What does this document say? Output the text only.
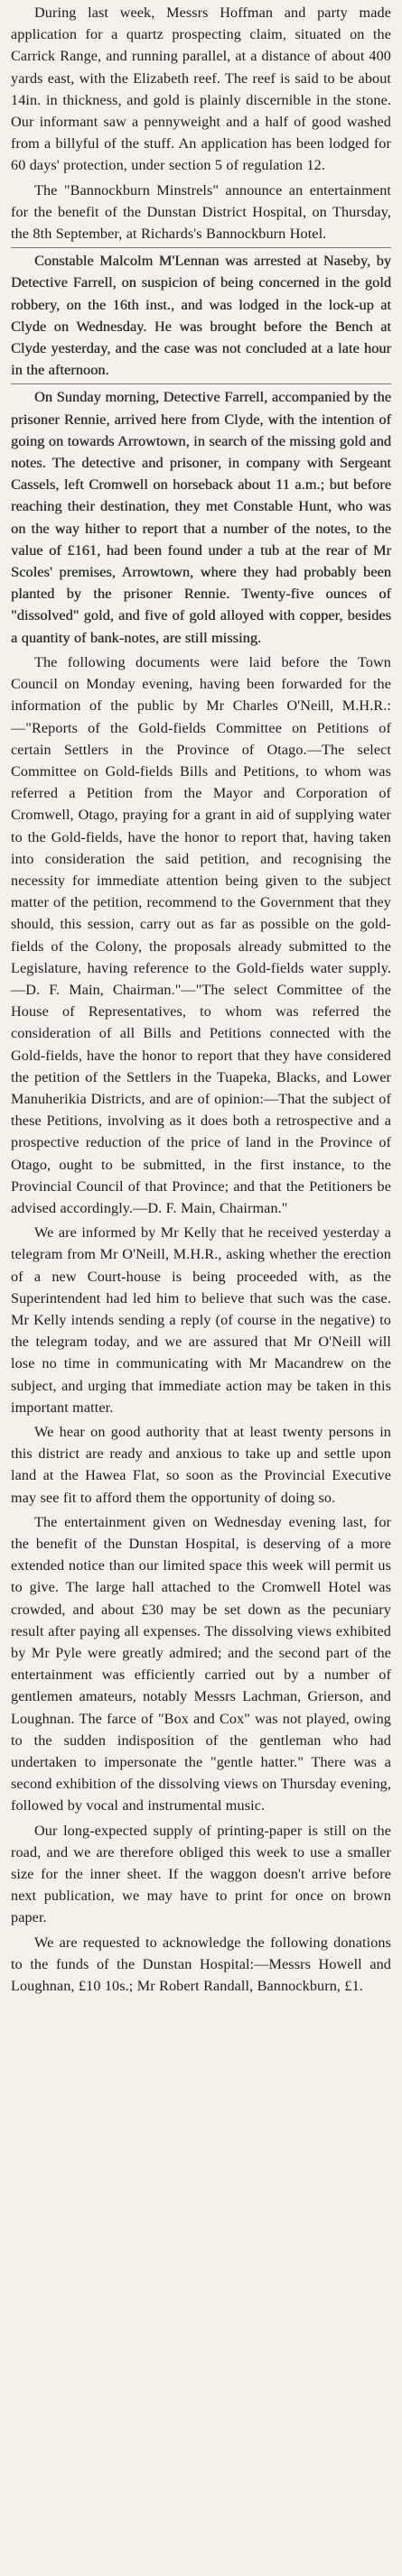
During last week, Messrs Hoffman and party made application for a quartz prospecting claim, situated on the Carrick Range, and running parallel, at a distance of about 400 yards east, with the Elizabeth reef. The reef is said to be about 14in. in thickness, and gold is plainly discernible in the stone. Our informant saw a pennyweight and a half of good washed from a billyful of the stuff. An application has been lodged for 60 days' protection, under section 5 of regulation 12.

The "Bannockburn Minstrels" announce an entertainment for the benefit of the Dunstan District Hospital, on Thursday, the 8th September, at Richards's Bannockburn Hotel.

Constable Malcolm M'Lennan was arrested at Naseby, by Detective Farrell, on suspicion of being concerned in the gold robbery, on the 16th inst., and was lodged in the lock-up at Clyde on Wednesday. He was brought before the Bench at Clyde yesterday, and the case was not concluded at a late hour in the afternoon.

On Sunday morning, Detective Farrell, accompanied by the prisoner Rennie, arrived here from Clyde, with the intention of going on towards Arrowtown, in search of the missing gold and notes. The detective and prisoner, in company with Sergeant Cassels, left Cromwell on horseback about 11 a.m.; but before reaching their destination, they met Constable Hunt, who was on the way hither to report that a number of the notes, to the value of £161, had been found under a tub at the rear of Mr Scoles' premises, Arrowtown, where they had probably been planted by the prisoner Rennie. Twenty-five ounces of "dissolved" gold, and five of gold alloyed with copper, besides a quantity of bank-notes, are still missing.

The following documents were laid before the Town Council on Monday evening, having been forwarded for the information of the public by Mr Charles O'Neill, M.H.R.:—"Reports of the Gold-fields Committee on Petitions of certain Settlers in the Province of Otago.—The select Committee on Gold-fields Bills and Petitions, to whom was referred a Petition from the Mayor and Corporation of Cromwell, Otago, praying for a grant in aid of supplying water to the Gold-fields, have the honor to report that, having taken into consideration the said petition, and recognising the necessity for immediate attention being given to the subject matter of the petition, recommend to the Government that they should, this session, carry out as far as possible on the gold-fields of the Colony, the proposals already submitted to the Legislature, having reference to the Gold-fields water supply.—D. F. Main, Chairman."—"The select Committee of the House of Representatives, to whom was referred the consideration of all Bills and Petitions connected with the Gold-fields, have the honor to report that they have considered the petition of the Settlers in the Tuapeka, Blacks, and Lower Manuherikia Districts, and are of opinion:—That the subject of these Petitions, involving as it does both a retrospective and a prospective reduction of the price of land in the Province of Otago, ought to be submitted, in the first instance, to the Provincial Council of that Province; and that the Petitioners be advised accordingly.—D. F. Main, Chairman."

We are informed by Mr Kelly that he received yesterday a telegram from Mr O'Neill, M.H.R., asking whether the erection of a new Court-house is being proceeded with, as the Superintendent had led him to believe that such was the case. Mr Kelly intends sending a reply (of course in the negative) to the telegram today, and we are assured that Mr O'Neill will lose no time in communicating with Mr Macandrew on the subject, and urging that immediate action may be taken in this important matter.

We hear on good authority that at least twenty persons in this district are ready and anxious to take up and settle upon land at the Hawea Flat, so soon as the Provincial Executive may see fit to afford them the opportunity of doing so.

The entertainment given on Wednesday evening last, for the benefit of the Dunstan Hospital, is deserving of a more extended notice than our limited space this week will permit us to give. The large hall attached to the Cromwell Hotel was crowded, and about £30 may be set down as the pecuniary result after paying all expenses. The dissolving views exhibited by Mr Pyle were greatly admired; and the second part of the entertainment was efficiently carried out by a number of gentlemen amateurs, notably Messrs Lachman, Grierson, and Loughnan. The farce of "Box and Cox" was not played, owing to the sudden indisposition of the gentleman who had undertaken to impersonate the "gentle hatter." There was a second exhibition of the dissolving views on Thursday evening, followed by vocal and instrumental music.

Our long-expected supply of printing-paper is still on the road, and we are therefore obliged this week to use a smaller size for the inner sheet. If the waggon doesn't arrive before next publication, we may have to print for once on brown paper.

We are requested to acknowledge the following donations to the funds of the Dunstan Hospital:—Messrs Howell and Loughnan, £10 10s.; Mr Robert Randall, Bannockburn, £1.
